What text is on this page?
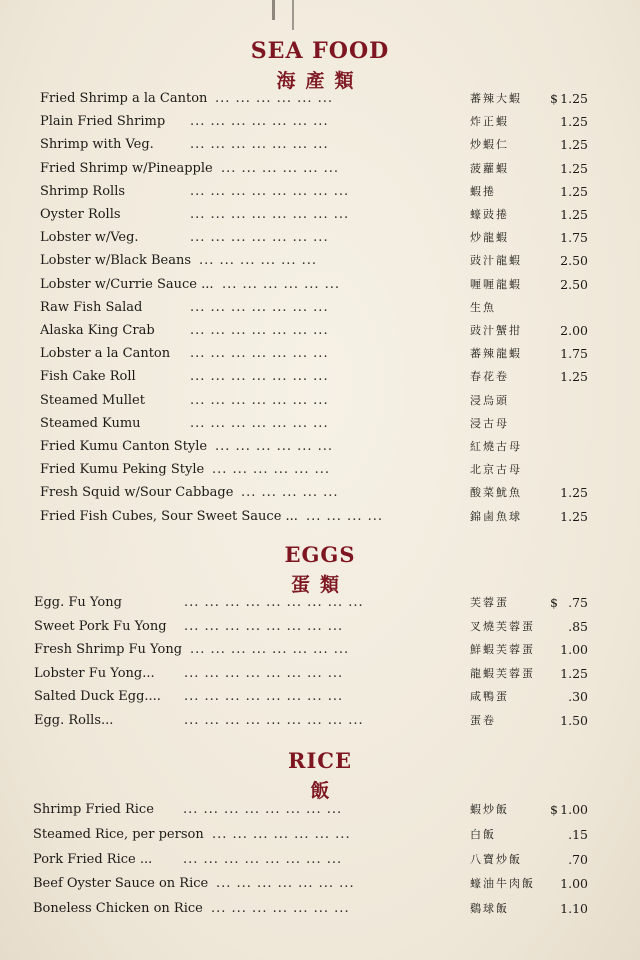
SEA FOOD
海產類
Fried Shrimp a la Canton ... ... ... ... ... ...	蕃辣大蝦	$ 1.25
Plain Fried Shrimp ... ... ... ... ... ... ...	炸正蝦	1.25
Shrimp with Veg.	... ... ... ... ... ... ...	炒蝦仁	1.25
Fried Shrimp w/Pineapple ... ... ... ... ... ...	菠蘿蝦	1.25
Shrimp Rolls	... ... ... ... ... ... ... ...	蝦捲	1.25
Oyster Rolls	... ... ... ... ... ... ... ...	蠔豉捲	1.25
Lobster w/Veg.	... ... ... ... ... ... ...	炒龍蝦	1.75
Lobster w/Black Beans ... ... ... ... ... ...	豉汁龍蝦	2.50
Lobster w/Currie Sauce ... ... ... ... ... ... ...	喱喱龍蝦	2.50
Raw Fish Salad	... ... ... ... ... ... ...	生魚
Alaska King Crab	... ... ... ... ... ... ...	豉汁蟹拑	2.00
Lobster a la Canton ... ... ... ... ... ... ...	蕃辣龍蝦	1.75
Fish Cake Roll	... ... ... ... ... ... ...	春花卷	1.25
Steamed Mullet	... ... ... ... ... ... ...	浸烏頭
Steamed Kumu	... ... ... ... ... ... ...	浸古母
Fried Kumu Canton Style ... ... ... ... ... ...	紅燒古母
Fried Kumu Peking Style ... ... ... ... ... ...	北京古母
Fresh Squid w/Sour Cabbage ... ... ... ... ...	酸菜魷魚	1.25
Fried Fish Cubes, Sour Sweet Sauce ... ... ... ... ...	錦鹵魚球	1.25
EGGS
蛋類
Egg. Fu Yong	... ... ... ... ... ... ... ... ...	芙蓉蛋	$ .75
Sweet Pork Fu Yong ... ... ... ... ... ... ... ...	叉燒芙蓉蛋	.85
Fresh Shrimp Fu Yong ... ... ... ... ... ... ... ...	鮮蝦芙蓉蛋	1.00
Lobster Fu Yong... ... ... ... ... ... ... ... ...	龍蝦芙蓉蛋	1.25
Salted Duck Egg.... ... ... ... ... ... ... ... ...	咸鴨蛋	.30
Egg. Rolls...	... ... ... ... ... ... ... ... ...	蛋卷	1.50
RICE
飯
Shrimp Fried Rice ... ... ... ... ... ... ... ...	蝦炒飯	$ 1.00
Steamed Rice, per person ... ... ... ... ... ... ...	白飯	.15
Pork Fried Rice ... ... ... ... ... ... ... ... ...	八寶炒飯	.70
Beef Oyster Sauce on Rice ... ... ... ... ... ... ...	蠔油牛肉飯	1.00
Boneless Chicken on Rice ... ... ... ... ... ... ...	鷄球飯	1.10
